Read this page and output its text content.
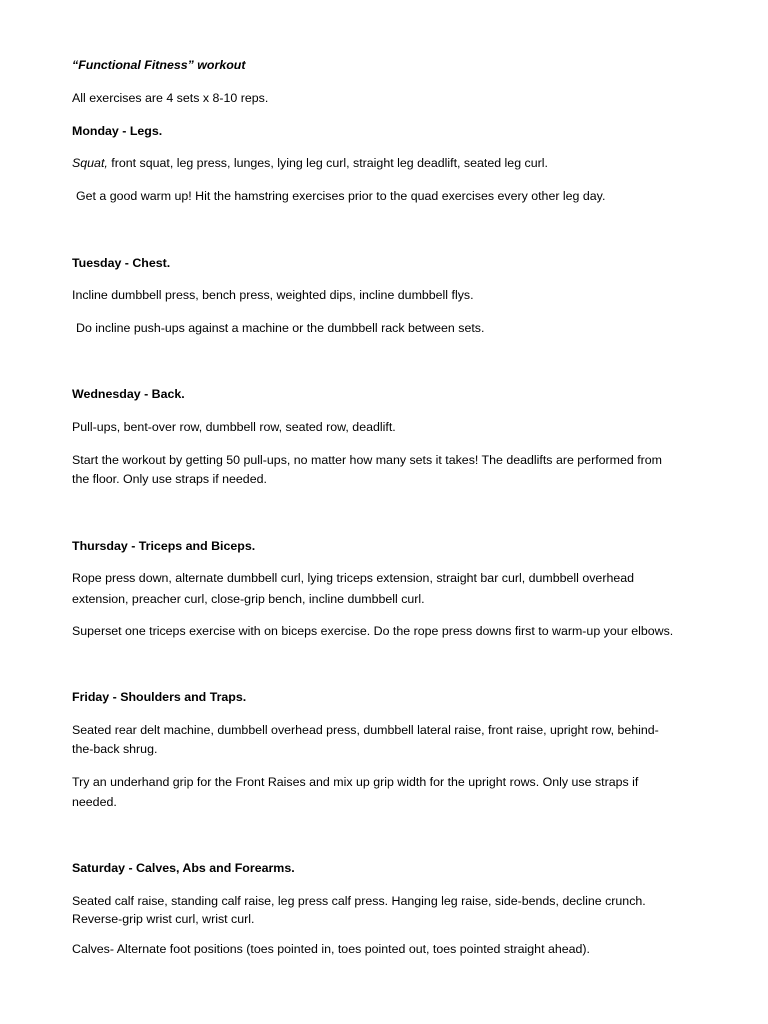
“Functional Fitness” workout
All exercises are 4 sets x 8-10 reps.
Monday - Legs.
Squat, front squat, leg press, lunges, lying leg curl, straight leg deadlift, seated leg curl.
Get a good warm up! Hit the hamstring exercises prior to the quad exercises every other leg day.
Tuesday - Chest.
Incline dumbbell press, bench press, weighted dips, incline dumbbell flys.
Do incline push-ups against a machine or the dumbbell rack between sets.
Wednesday - Back.
Pull-ups, bent-over row, dumbbell row, seated row, deadlift.
Start the workout by getting 50 pull-ups, no matter how many sets it takes! The deadlifts are performed from
the floor. Only use straps if needed.
Thursday - Triceps and Biceps.
Rope press down, alternate dumbbell curl, lying triceps extension, straight bar curl, dumbbell overhead
extension, preacher curl, close-grip bench, incline dumbbell curl.
Superset one triceps exercise with on biceps exercise. Do the rope press downs first to warm-up your elbows.
Friday - Shoulders and Traps.
Seated rear delt machine, dumbbell overhead press, dumbbell lateral raise, front raise, upright row, behind-
the-back shrug.
Try an underhand grip for the Front Raises and mix up grip width for the upright rows. Only use straps if
needed.
Saturday - Calves, Abs and Forearms.
Seated calf raise, standing calf raise, leg press calf press. Hanging leg raise, side-bends, decline crunch.
Reverse-grip wrist curl, wrist curl.
Calves- Alternate foot positions (toes pointed in, toes pointed out, toes pointed straight ahead).
